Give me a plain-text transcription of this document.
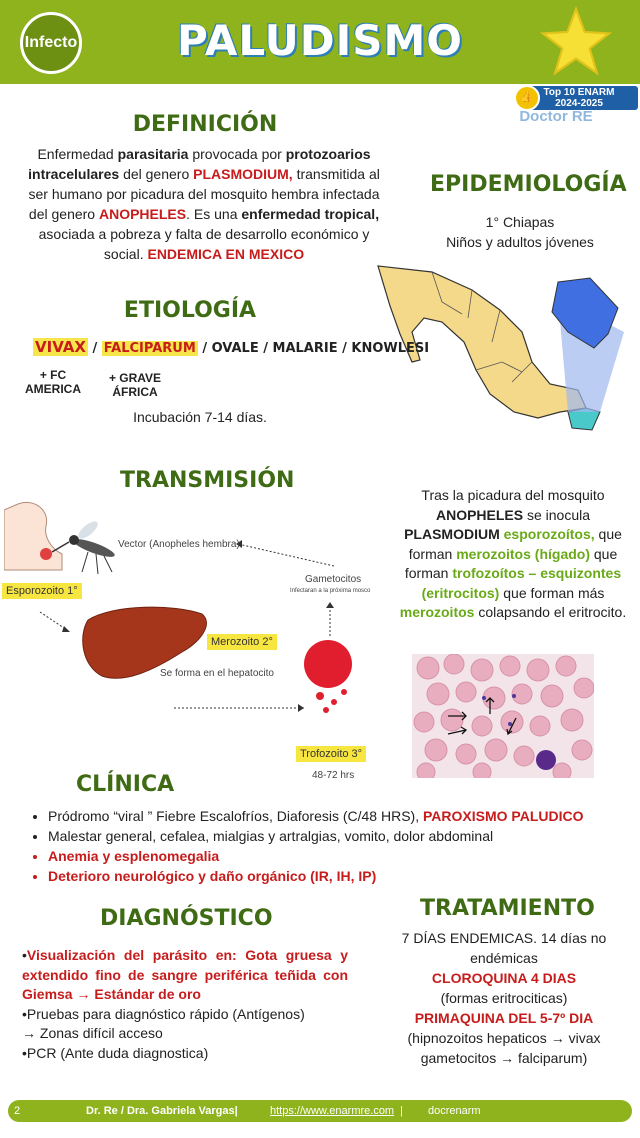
Infecto	PALUDISMO
👍 Top 10 ENARM
2024-2025
Doctor RE
DEFINICIÓN
Enfermedad parasitaria provocada por protozoarios intracelulares del genero PLASMODIUM, transmitida al ser humano por picadura del mosquito hembra infectada del genero ANOPHELES. Es una enfermedad tropical, asociada a pobreza y falta de desarrollo económico y social. ENDEMICA EN MEXICO
EPIDEMIOLOGÍA
1° Chiapas
Niños y adultos jóvenes
ETIOLOGÍA
VIVAX / FALCIPARUM / OVALE / MALARIE / KNOWLESI
+ FC
AMERICA
+ GRAVE
ÁFRICA
Incubación 7-14 días.
TRANSMISIÓN
Vector (Anopheles hembra)
Esporozoito 1°
Gametocitos
Infectaran a la próxima mosco
Merozoito 2°
Se forma en el hepatocito
Trofozoito 3°
48-72 hrs
Tras la picadura del mosquito ANOPHELES se inocula PLASMODIUM esporozoítos, que forman merozoitos (hígado) que forman trofozoítos – esquizontes (eritrocitos) que forman más merozoitos colapsando el eritrocito.
CLÍNICA
• Pródromo “viral ” Fiebre Escalofríos, Diaforesis (C/48 HRS), PAROXISMO PALUDICO
• Malestar general, cefalea, mialgias y artralgias, vomito, dolor abdominal
• Anemia y esplenomegalia
• Deterioro neurológico y daño orgánico (IR, IH, IP)
DIAGNÓSTICO
•Visualización del parásito en: Gota gruesa y extendido fino de sangre periférica teñida con Giemsa → Estándar de oro
•Pruebas para diagnóstico rápido (Antígenos)
→ Zonas difícil acceso
•PCR (Ante duda diagnostica)
TRATAMIENTO
7 DÍAS ENDEMICAS. 14 días no endémicas
CLOROQUINA 4 DIAS
(formas eritrociticas)
PRIMAQUINA DEL 5-7º DIA
(hipnozoitos hepaticos → vivax gametocitos → falciparum)
2	Dr. Re / Dra. Gabriela Vargas|	https://www.enarmre.com | docrenarm
